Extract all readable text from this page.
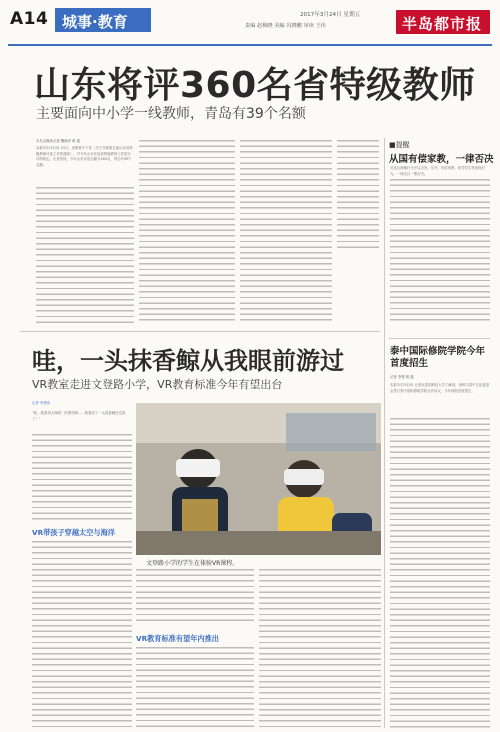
A14 城事·教育	2017年3月24日 星期五
责编 赵梅晓 美编 冯晓鹏 审读 王伟	半岛都市报
山东将评360名省特级教师
主要面向中小学一线教师，青岛有39个名额
半岛全媒体记者 魏海洋 明 通
本报3月23日讯 23日，省教育厅下发《关于开展第五批山东省特级教师评选工作的通知》，对今年山东评选省特级教师工作进行详细规定。记者发现，今年山东评选名额为360名，青岛有39个名额。
■提醒
从国有偿家教，一律否决
对违反师德行为予以否决。另外，有偿家教、体罚学生等违规行为，一律实行一票否决。
哇，一头抹香鲸从我眼前游过
VR教室走进文登路小学，VR教育标准今年有望出台
记者 李建伟
“哇，我看到大海啦！好漂亮啊……我看到了一头抹香鲸经过我了！”
VR带孩子穿越太空与海洋
文登路小学的学生在体验VR课程。
VR教育标准有望年内推出
泰中国际修院学院今年首度招生
记者 李建 明 通
本报3月23日讯 记者从泰国科技大学了解到，该校与泰中文化促进会签订泰中国际修院学院合作协议，今年该院首度招生。
